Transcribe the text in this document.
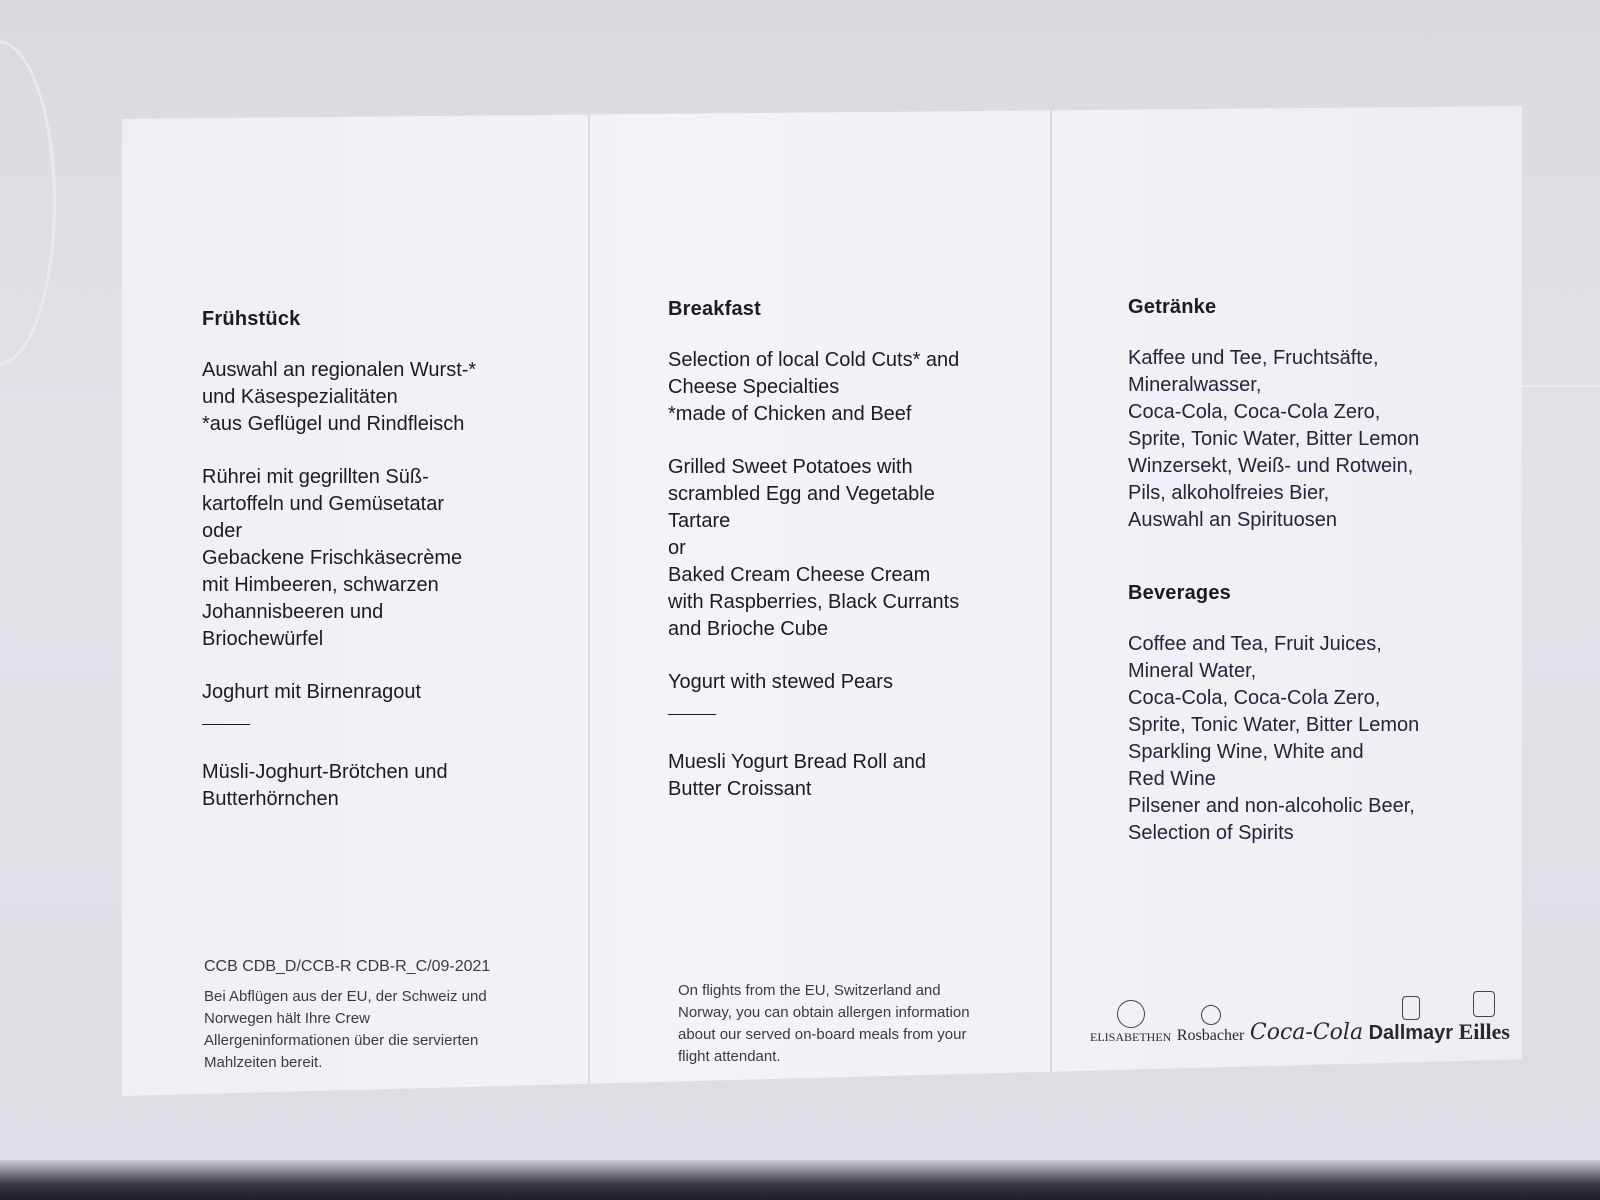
Frühstück
Auswahl an regionalen Wurst-*
und Käsespezialitäten
*aus Geflügel und Rindfleisch
Rührei mit gegrillten Süß-
kartoffeln und Gemüsetatar
oder
Gebackene Frischkäsecrème
mit Himbeeren, schwarzen
Johannisbeeren und
Briochewürfel
Joghurt mit Birnenragout
Müsli-Joghurt-Brötchen und
Butterhörnchen
Breakfast
Selection of local Cold Cuts* and
Cheese Specialties
*made of Chicken and Beef
Grilled Sweet Potatoes with
scrambled Egg and Vegetable
Tartare
or
Baked Cream Cheese Cream
with Raspberries, Black Currants
and Brioche Cube
Yogurt with stewed Pears
Muesli Yogurt Bread Roll and
Butter Croissant
Getränke
Kaffee und Tee, Fruchtsäfte,
Mineralwasser,
Coca-Cola, Coca-Cola Zero,
Sprite, Tonic Water, Bitter Lemon
Winzersekt, Weiß- und Rotwein,
Pils, alkoholfreies Bier,
Auswahl an Spirituosen
Beverages
Coffee and Tea, Fruit Juices,
Mineral Water,
Coca-Cola, Coca-Cola Zero,
Sprite, Tonic Water, Bitter Lemon
Sparkling Wine, White and
Red Wine
Pilsener and non-alcoholic Beer,
Selection of Spirits
CCB CDB_D/CCB-R CDB-R_C/09-2021
Bei Abflügen aus der EU, der Schweiz und
Norwegen hält Ihre Crew
Allergeninformationen über die servierten
Mahlzeiten bereit.
On flights from the EU, Switzerland and
Norway, you can obtain allergen information
about our served on-board meals from your
flight attendant.
ELISABETHEN Rosbacher Coca-Cola Dallmayr Eilles
